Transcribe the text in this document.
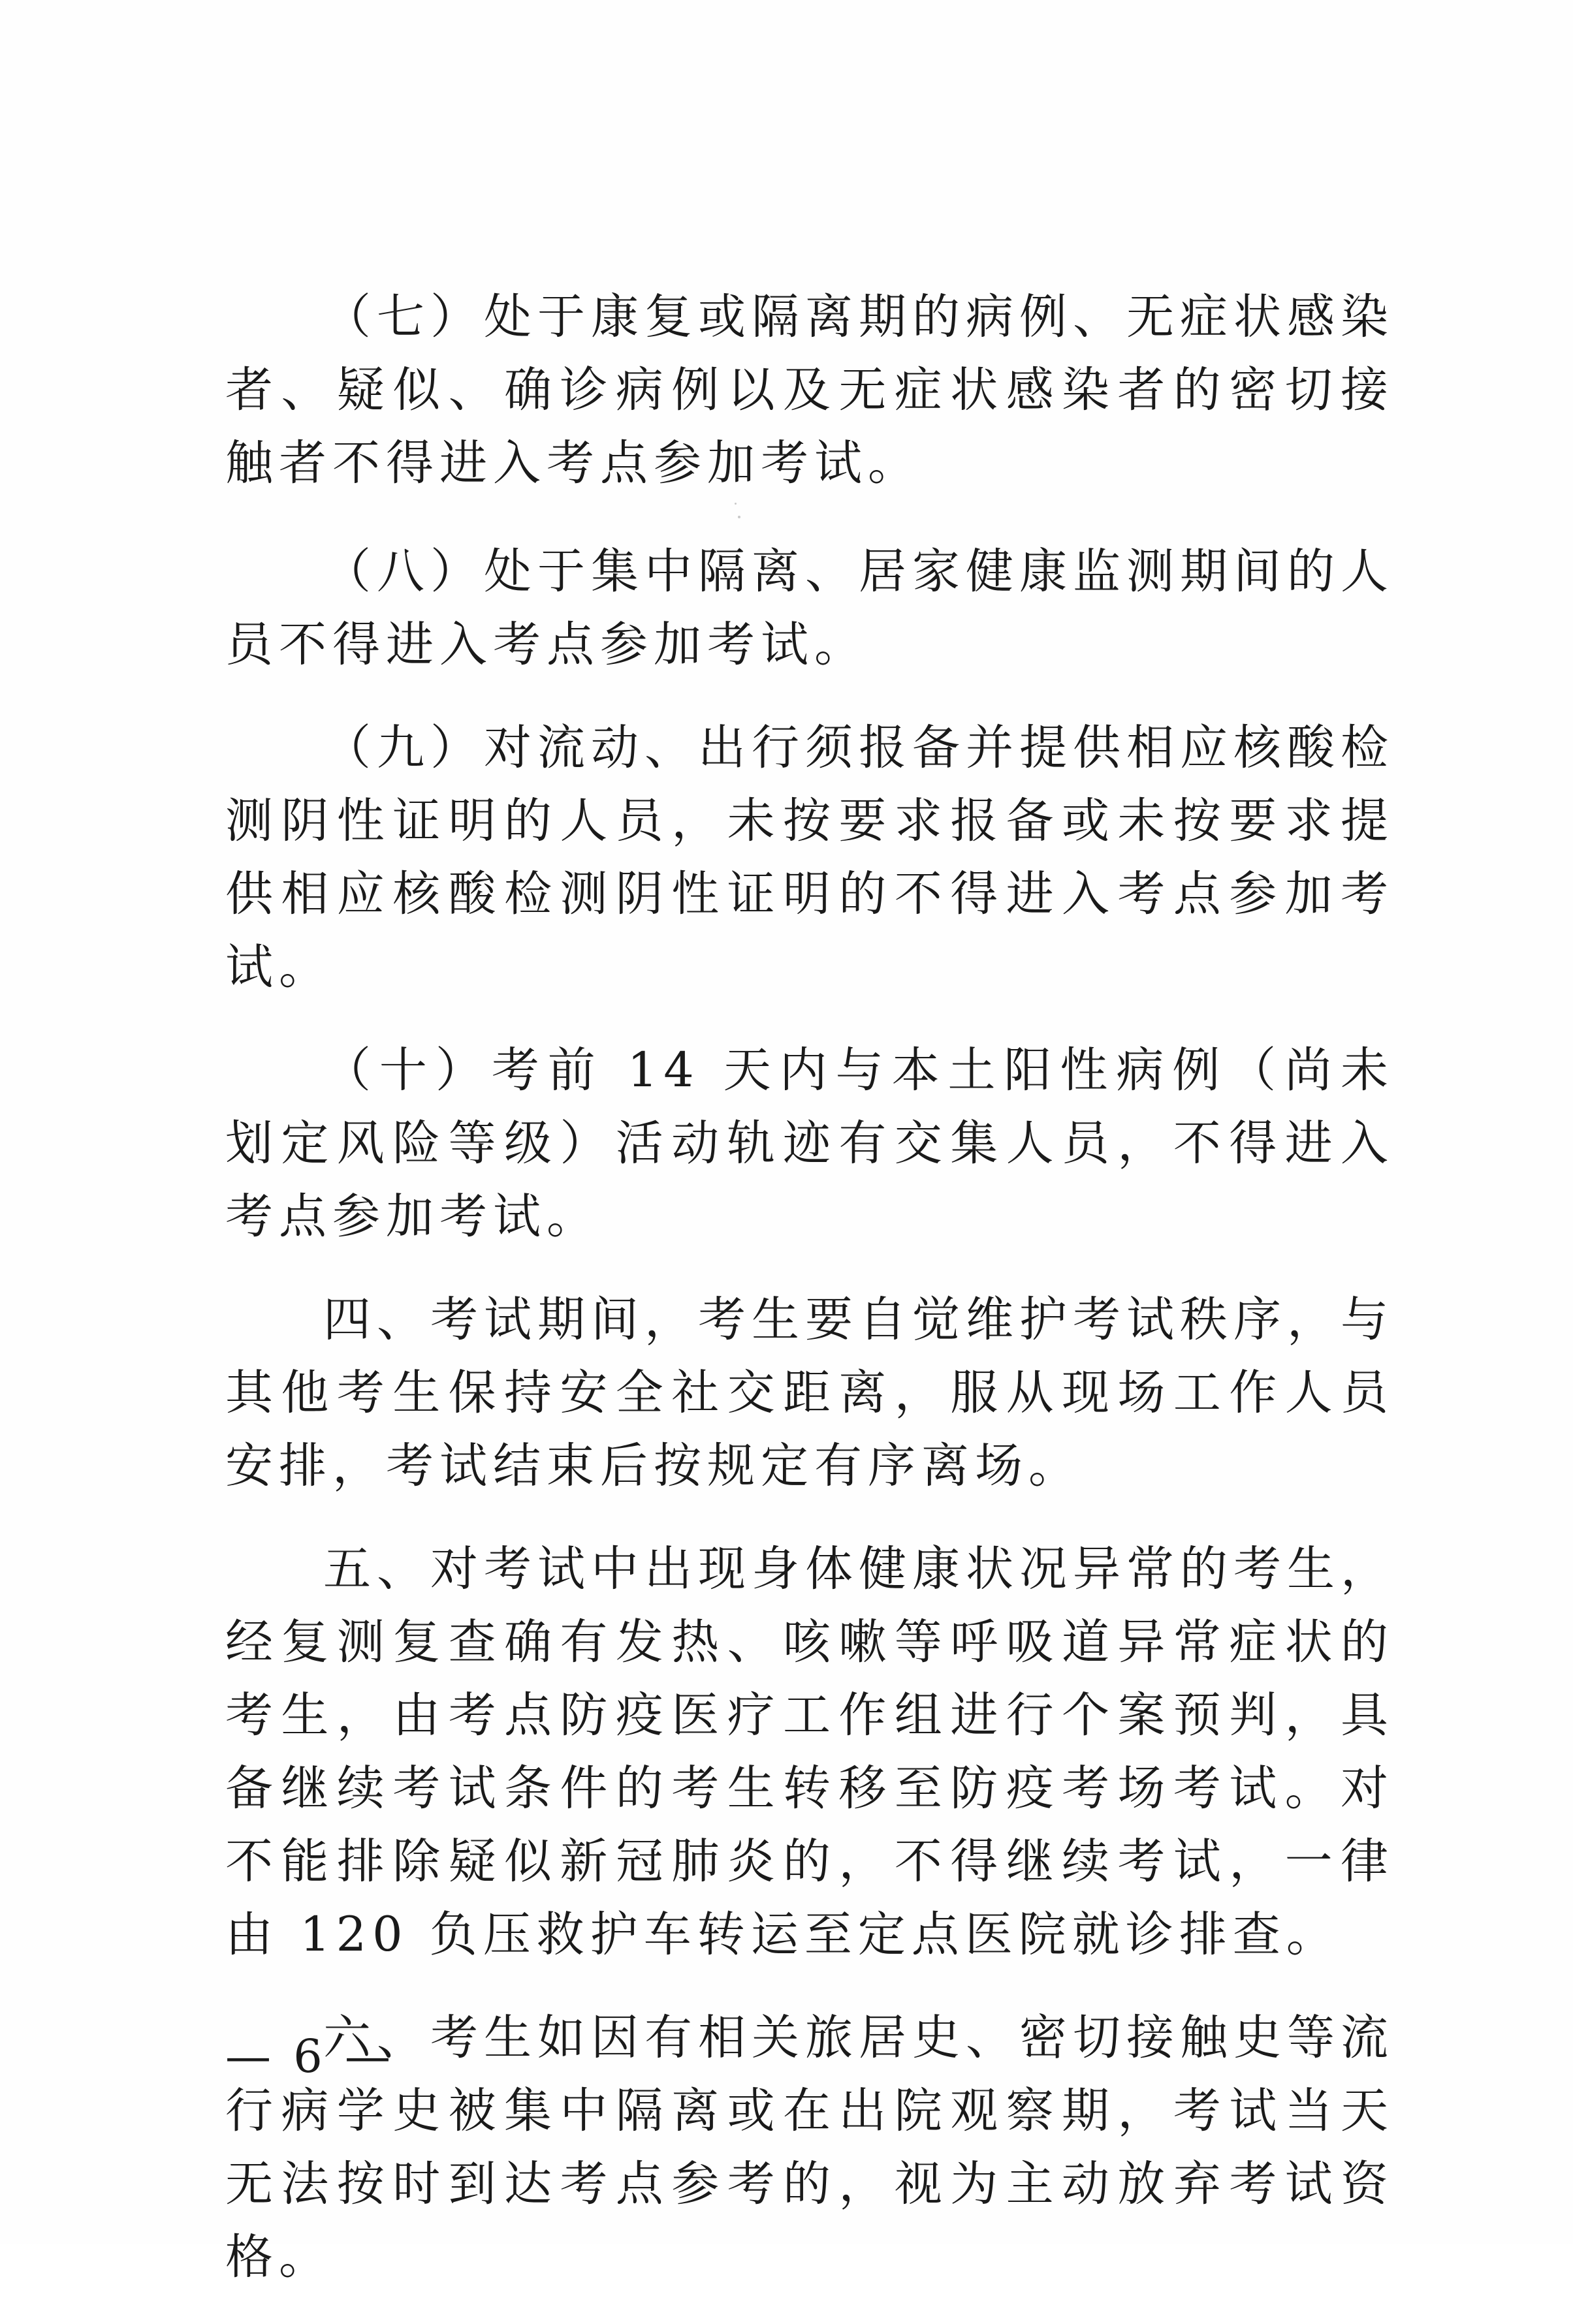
（七）处于康复或隔离期的病例、无症状感染者、疑似、确诊病例以及无症状感染者的密切接触者不得进入考点参加考试。

（八）处于集中隔离、居家健康监测期间的人员不得进入考点参加考试。

（九）对流动、出行须报备并提供相应核酸检测阴性证明的人员，未按要求报备或未按要求提供相应核酸检测阴性证明的不得进入考点参加考试。

（十）考前 14 天内与本土阳性病例（尚未划定风险等级）活动轨迹有交集人员，不得进入考点参加考试。

四、考试期间，考生要自觉维护考试秩序，与其他考生保持安全社交距离，服从现场工作人员安排，考试结束后按规定有序离场。

五、对考试中出现身体健康状况异常的考生，经复测复查确有发热、咳嗽等呼吸道异常症状的考生，由考点防疫医疗工作组进行个案预判，具备继续考试条件的考生转移至防疫考场考试。对不能排除疑似新冠肺炎的，不得继续考试，一律由 120 负压救护车转运至定点医院就诊排查。

六、考生如因有相关旅居史、密切接触史等流行病学史被集中隔离或在出院观察期，考试当天无法按时到达考点参考的，视为主动放弃考试资格。

— 6 —
